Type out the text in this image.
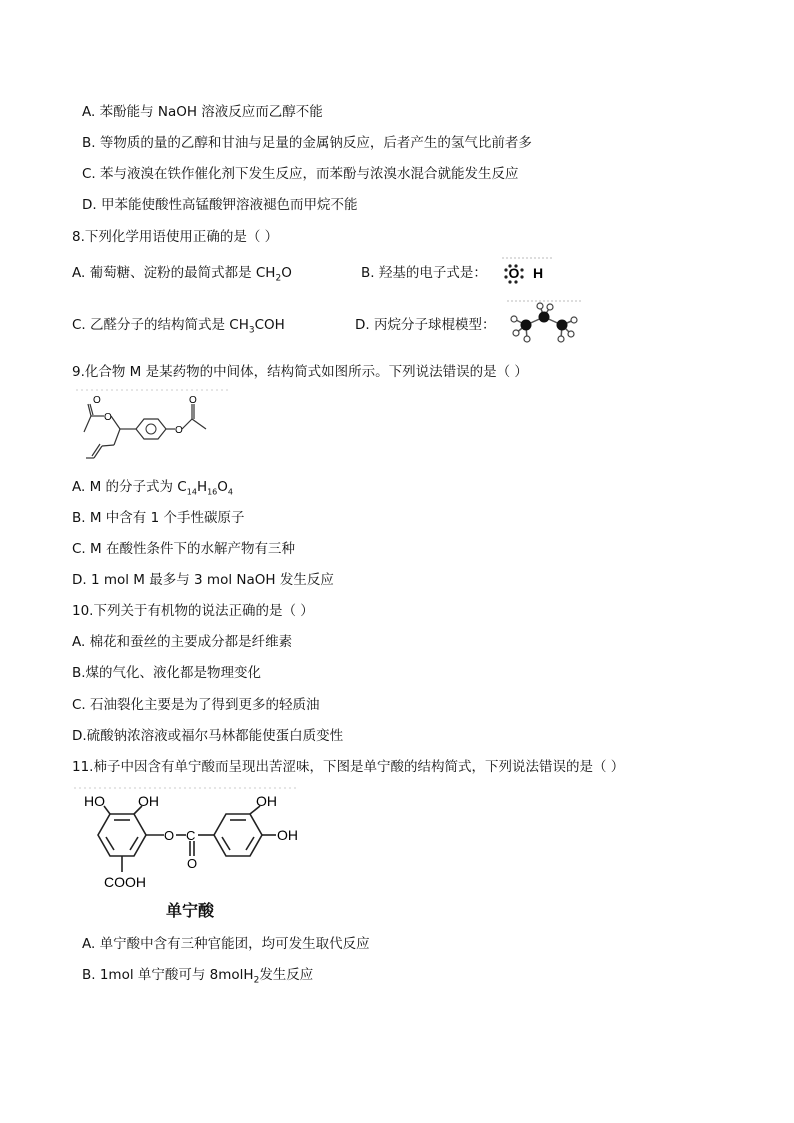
A. 苯酚能与 NaOH 溶液反应而乙醇不能
B. 等物质的量的乙醇和甘油与足量的金属钠反应，后者产生的氢气比前者多
C. 苯与液溴在铁作催化剂下发生反应，而苯酚与浓溴水混合就能发生反应
D. 甲苯能使酸性高锰酸钾溶液褪色而甲烷不能
8.下列化学用语使用正确的是（ ）
A. 葡萄糖、淀粉的最简式都是 $CH_2O$	B. 羟基的电子式是： O H
C. 乙醛分子的结构简式是 $CH_3COH$	D. 丙烷分子球棍模型：
9.化合物 M 是某药物的中间体，结构简式如图所示。下列说法错误的是（ ）
O
O
O
O
A. M 的分子式为 $C_{14}H_{16}O_4$
B. M 中含有 1 个手性碳原子
C. M 在酸性条件下的水解产物有三种
D. 1 mol M 最多与 3 mol NaOH 发生反应
10.下列关于有机物的说法正确的是（ ）
A. 棉花和蚕丝的主要成分都是纤维素
B.煤的气化、液化都是物理变化
C. 石油裂化主要是为了得到更多的轻质油
D.硫酸钠浓溶液或福尔马林都能使蛋白质变性
11.柿子中因含有单宁酸而呈现出苦涩味，下图是单宁酸的结构简式，下列说法错误的是（ ）
HO OH	OH
OH
O C
O
COOH
单宁酸
A. 单宁酸中含有三种官能团，均可发生取代反应
B. 1mol 单宁酸可与 8molH$_2$发生反应
